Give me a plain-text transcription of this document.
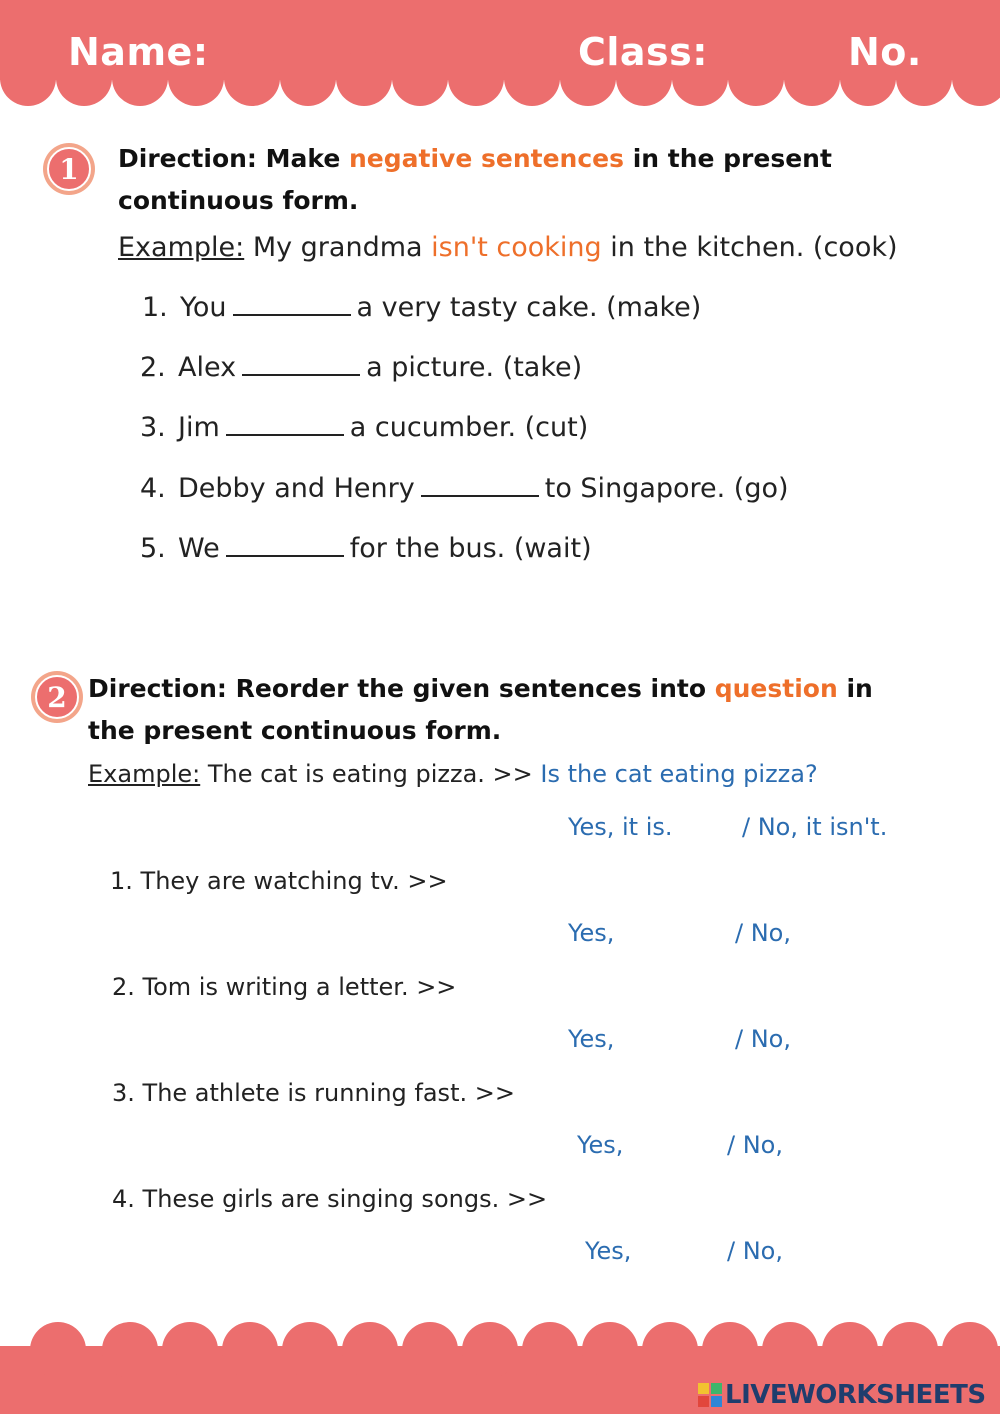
Name:	Class:	No.
1 Direction: Make negative sentences in the present
continuous form.
Example: My grandma isn't cooking in the kitchen. (cook)
1. You	a very tasty cake. (make)
2. Alex	a picture. (take)
3. Jim	a cucumber. (cut)
4. Debby and Henry	to Singapore. (go)
5. We	for the bus. (wait)
2 Direction: Reorder the given sentences into question in
the present continuous form.
Example: The cat is eating pizza. >> Is the cat eating pizza?
Yes, it is.	/ No, it isn't.
1. They are watching tv. >>
Yes,	/ No,
2. Tom is writing a letter. >>
Yes,	/ No,
3. The athlete is running fast. >>
Yes,	/ No,
4. These girls are singing songs. >>
Yes,	/ No,
LIVEWORKSHEETS
